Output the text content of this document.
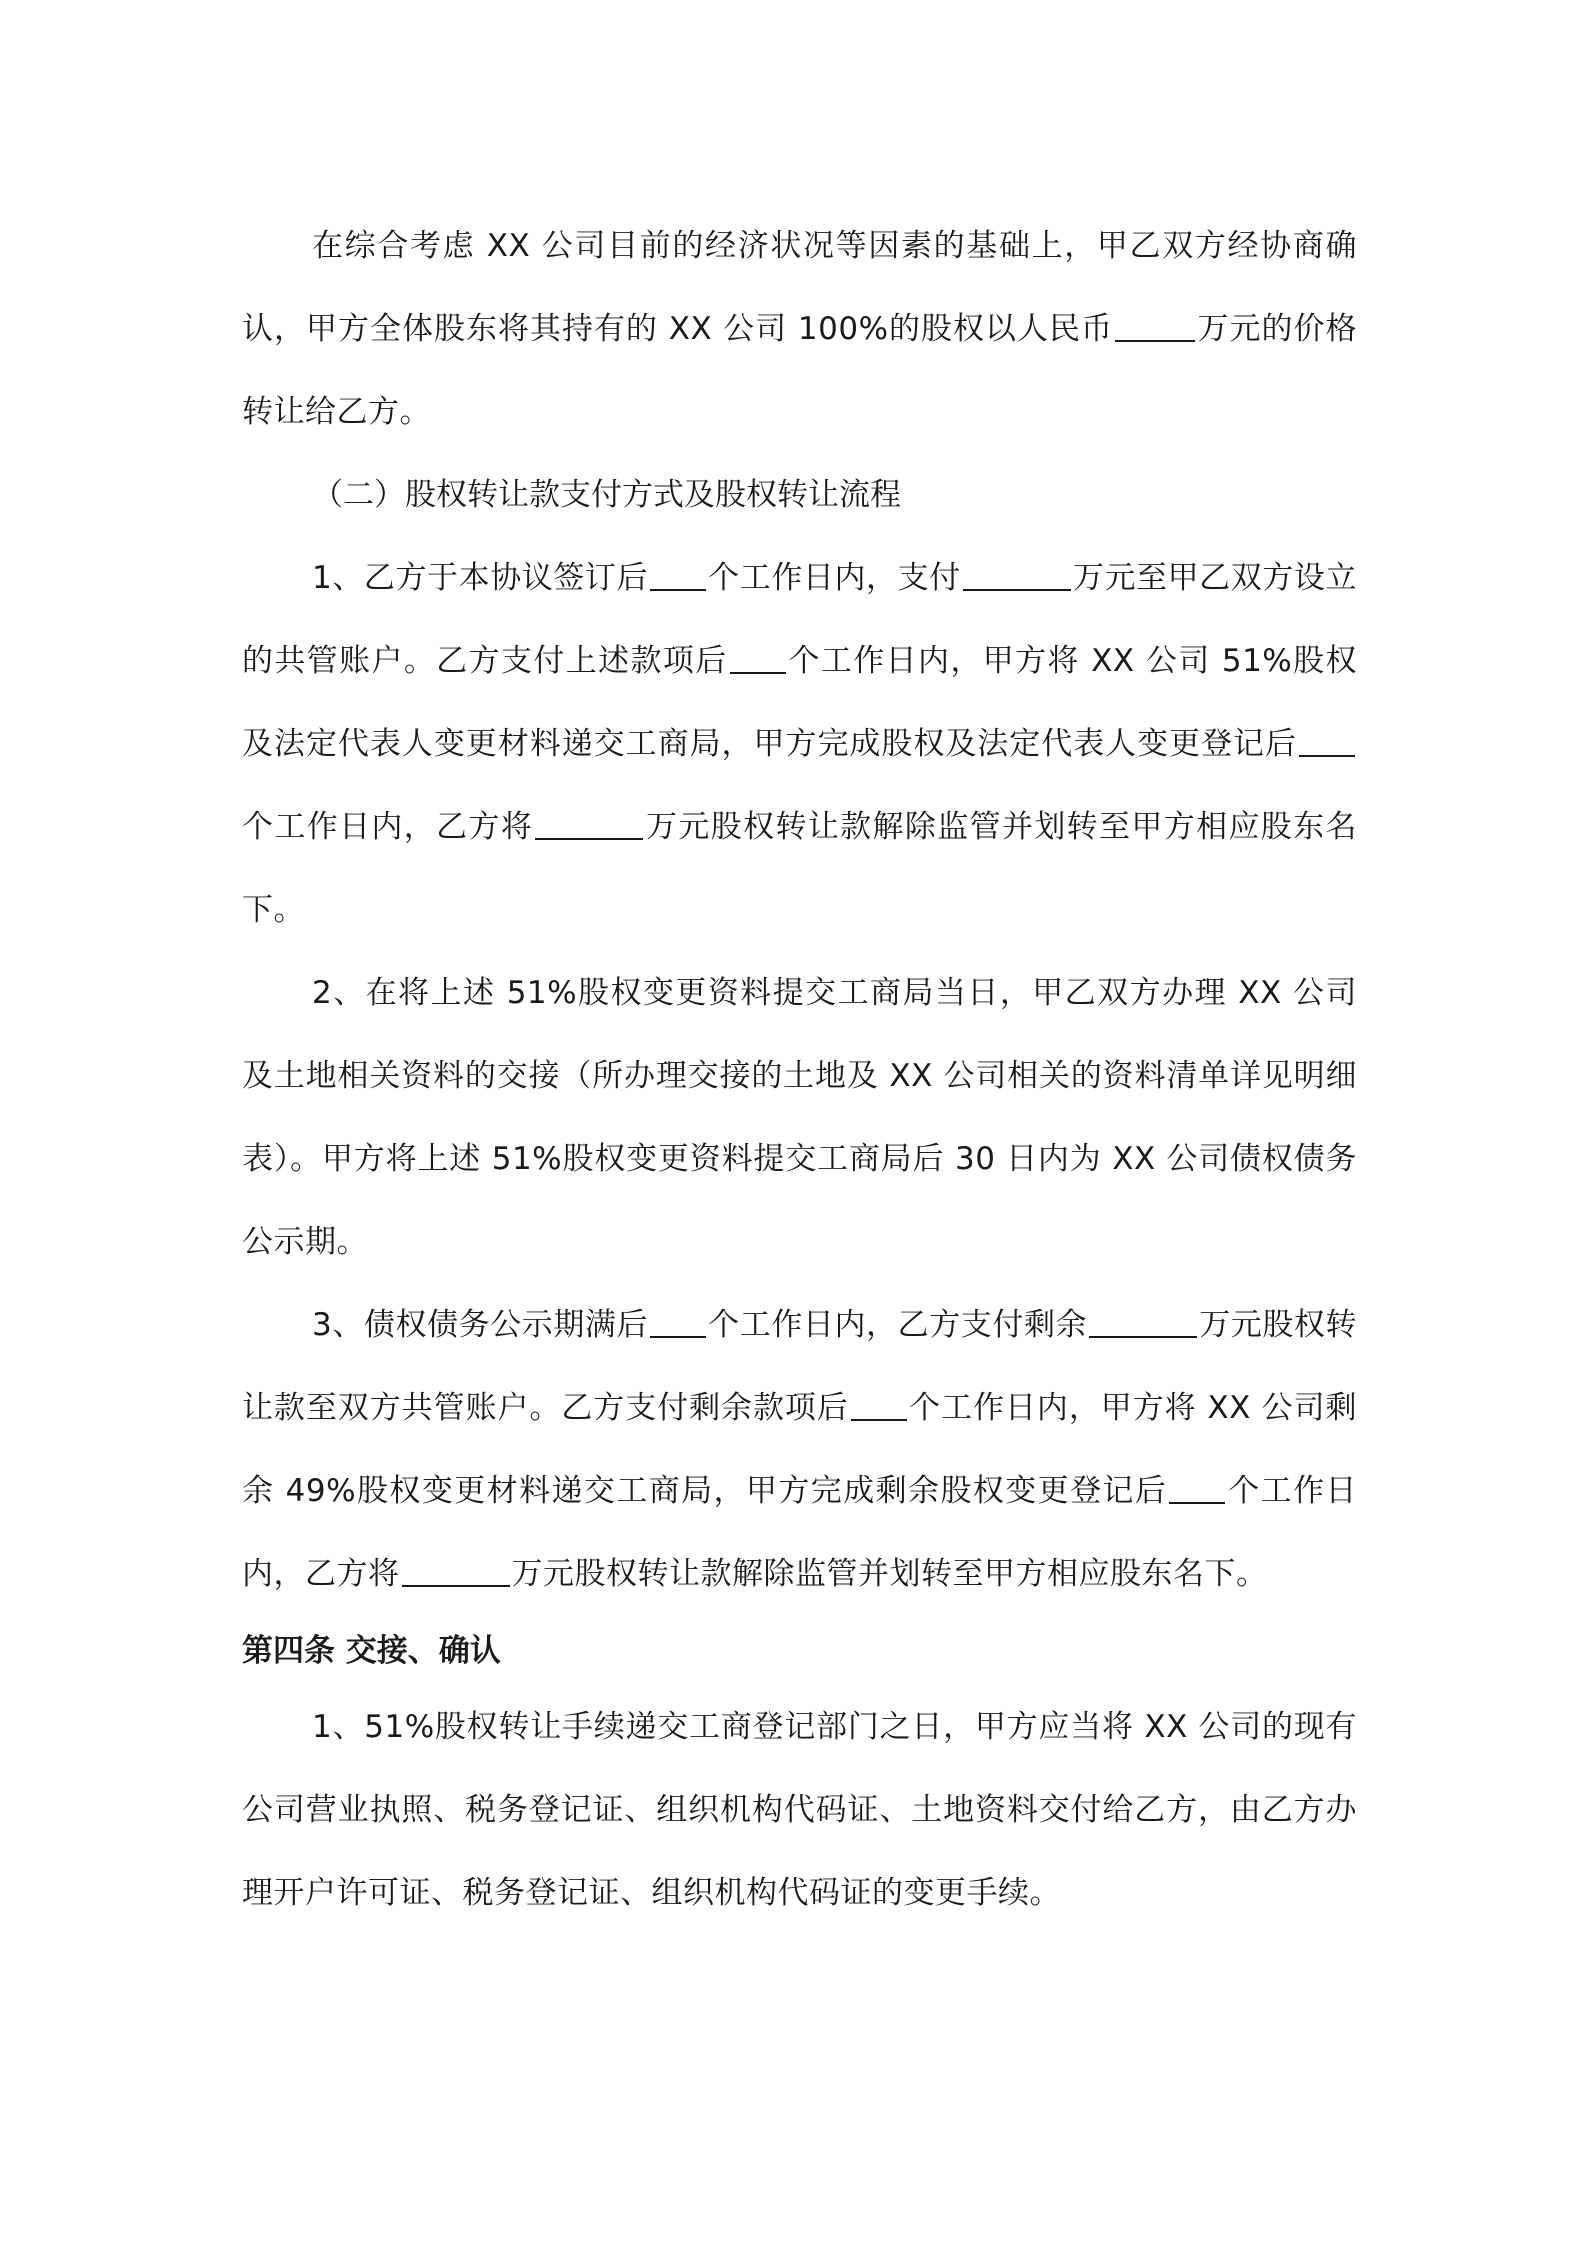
在综合考虑 XX 公司目前的经济状况等因素的基础上，甲乙双方经协商确认，甲方全体股东将其持有的 XX 公司 100%的股权以人民币	万元的价格转让给乙方。

（二）股权转让款支付方式及股权转让流程

1、乙方于本协议签订后 个工作日内，支付	万元至甲乙双方设立的共管账户。乙方支付上述款项后 个工作日内，甲方将 XX 公司 51%股权及法定代表人变更材料递交工商局，甲方完成股权及法定代表人变更登记后个工作日内，乙方将	万元股权转让款解除监管并划转至甲方相应股东名下。

2、在将上述 51%股权变更资料提交工商局当日，甲乙双方办理 XX 公司及土地相关资料的交接（所办理交接的土地及 XX 公司相关的资料清单详见明细表）。甲方将上述 51%股权变更资料提交工商局后 30 日内为 XX 公司债权债务公示期。

3、债权债务公示期满后 个工作日内，乙方支付剩余	万元股权转让款至双方共管账户。乙方支付剩余款项后 个工作日内，甲方将 XX 公司剩余 49%股权变更材料递交工商局，甲方完成剩余股权变更登记后 个工作日内，乙方将	万元股权转让款解除监管并划转至甲方相应股东名下。

第四条 交接、确认

1、51%股权转让手续递交工商登记部门之日，甲方应当将 XX 公司的现有公司营业执照、税务登记证、组织机构代码证、土地资料交付给乙方，由乙方办理开户许可证、税务登记证、组织机构代码证的变更手续。
